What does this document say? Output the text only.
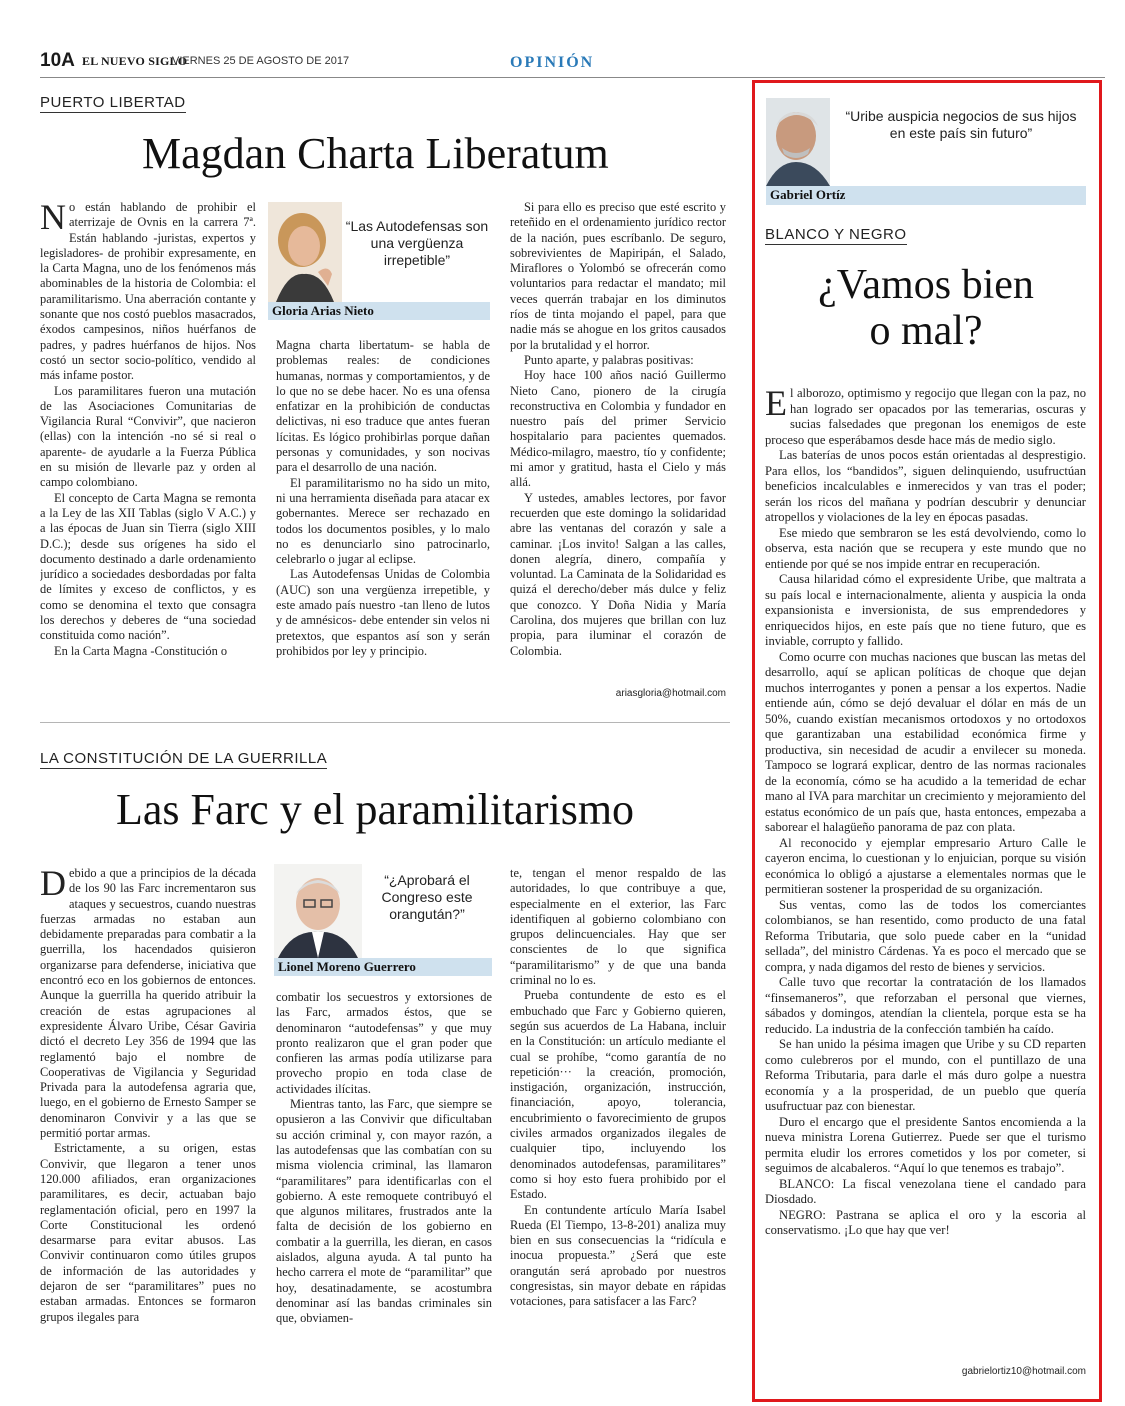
10A EL NUEVO SIGLO
VIERNES 25 DE AGOSTO DE 2017	OPINIÓN
PUERTO LIBERTAD
Magdan Charta Liberatum

No están hablando de prohibir el aterrizaje de Ovnis en la carrera 7ª. Están hablando -juristas, expertos y legisladores- de prohibir expresamente, en la Carta Magna, uno de los fenómenos más abominables de la historia de Colombia: el paramilitarismo. Una aberración contante y sonante que nos costó pueblos masacrados, éxodos campesinos, niños huérfanos de padres, y padres huérfanos de hijos. Nos costó un sector socio-político, vendido al más infame postor.

Los paramilitares fueron una mutación de las Asociaciones Comunitarias de Vigilancia Rural “Convivir”, que nacieron (ellas) con la intención -no sé si real o aparente- de ayudarle a la Fuerza Pública en su misión de llevarle paz y orden al campo colombiano.

El concepto de Carta Magna se remonta a la Ley de las XII Tablas (siglo V A.C.) y a las épocas de Juan sin Tierra (siglo XIII D.C.); desde sus orígenes ha sido el documento destinado a darle ordenamiento jurídico a sociedades desbordadas por falta de límites y exceso de conflictos, y es como se denomina el texto que consagra los derechos y deberes de “una sociedad constituida como nación”.

En la Carta Magna -Constitución o

“Las Autodefensas son una vergüenza irrepetible”
Gloria Arias Nieto

Magna charta libertatum- se habla de problemas reales: de condiciones humanas, normas y comportamientos, y de lo que no se debe hacer. No es una ofensa enfatizar en la prohibición de conductas delictivas, ni eso traduce que antes fueran lícitas. Es lógico prohibirlas porque dañan personas y comunidades, y son nocivas para el desarrollo de una nación.

El paramilitarismo no ha sido un mito, ni una herramienta diseñada para atacar ex gobernantes. Merece ser rechazado en todos los documentos posibles, y lo malo no es denunciarlo sino patrocinarlo, celebrarlo o jugar al eclipse.

Las Autodefensas Unidas de Colombia (AUC) son una vergüenza irrepetible, y este amado país nuestro -tan lleno de lutos y de amnésicos- debe entender sin velos ni pretextos, que espantos así son y serán prohibidos por ley y principio.

Si para ello es preciso que esté escrito y reteñido en el ordenamiento jurídico rector de la nación, pues escríbanlo. De seguro, sobrevivientes de Mapiripán, el Salado, Miraflores o Yolombó se ofrecerán como voluntarios para redactar el mandato; mil veces querrán trabajar en los diminutos ríos de tinta mojando el papel, para que nadie más se ahogue en los gritos causados por la brutalidad y el horror.

Punto aparte, y palabras positivas:

Hoy hace 100 años nació Guillermo Nieto Cano, pionero de la cirugía reconstructiva en Colombia y fundador en nuestro país del primer Servicio hospitalario para pacientes quemados. Médico-milagro, maestro, tío y confidente; mi amor y gratitud, hasta el Cielo y más allá.

Y ustedes, amables lectores, por favor recuerden que este domingo la solidaridad abre las ventanas del corazón y sale a caminar. ¡Los invito! Salgan a las calles, donen alegría, dinero, compañía y voluntad. La Caminata de la Solidaridad es quizá el derecho/deber más dulce y feliz que conozco. Y Doña Nidia y María Carolina, dos mujeres que brillan con luz propia, para iluminar el corazón de Colombia.

ariasgloria@hotmail.com
LA CONSTITUCIÓN DE LA GUERRILLA
Las Farc y el paramilitarismo

Debido a que a principios de la década de los 90 las Farc incrementaron sus ataques y secuestros, cuando nuestras fuerzas armadas no estaban aun debidamente preparadas para combatir a la guerrilla, los hacendados quisieron organizarse para defenderse, iniciativa que encontró eco en los gobiernos de entonces. Aunque la guerrilla ha querido atribuir la creación de estas agrupaciones al expresidente Álvaro Uribe, César Gaviria dictó el decreto Ley 356 de 1994 que las reglamentó bajo el nombre de Cooperativas de Vigilancia y Seguridad Privada para la autodefensa agraria que, luego, en el gobierno de Ernesto Samper se denominaron Convivir y a las que se permitió portar armas.

Estrictamente, a su origen, estas Convivir, que llegaron a tener unos 120.000 afiliados, eran organizaciones paramilitares, es decir, actuaban bajo reglamentación oficial, pero en 1997 la Corte Constitucional les ordenó desarmarse para evitar abusos. Las Convivir continuaron como útiles grupos de información de las autoridades y dejaron de ser “paramilitares” pues no estaban armadas. Entonces se formaron grupos ilegales para

“¿Aprobará el Congreso este orangután?”
Lionel Moreno Guerrero

combatir los secuestros y extorsiones de las Farc, armados éstos, que se denominaron “autodefensas” y que muy pronto realizaron que el gran poder que confieren las armas podía utilizarse para provecho propio en toda clase de actividades ilícitas.

Mientras tanto, las Farc, que siempre se opusieron a las Convivir que dificultaban su acción criminal y, con mayor razón, a las autodefensas que las combatían con su misma violencia criminal, las llamaron “paramilitares” para identificarlas con el gobierno. A este remoquete contribuyó el que algunos militares, frustrados ante la falta de decisión de los gobierno en combatir a la guerrilla, les dieran, en casos aislados, alguna ayuda. A tal punto ha hecho carrera el mote de “paramilitar” que hoy, desatinadamente, se acostumbra denominar así las bandas criminales sin que, obviamen-

te, tengan el menor respaldo de las autoridades, lo que contribuye a que, especialmente en el exterior, las Farc identifiquen al gobierno colombiano con grupos delincuenciales. Hay que ser conscientes de lo que significa “paramilitarismo” y de que una banda criminal no lo es.

Prueba contundente de esto es el embuchado que Farc y Gobierno quieren, según sus acuerdos de La Habana, incluir en la Constitución: un artículo mediante el cual se prohíbe, “como garantía de no repetición··· la creación, promoción, instigación, organización, instrucción, financiación, apoyo, tolerancia, encubrimiento o favorecimiento de grupos civiles armados organizados ilegales de cualquier tipo, incluyendo los denominados autodefensas, paramilitares” como si hoy esto fuera prohibido por el Estado.

En contundente artículo María Isabel Rueda (El Tiempo, 13-8-201) analiza muy bien en sus consecuencias la “ridícula e inocua propuesta.” ¿Será que este orangután será aprobado por nuestros congresistas, sin mayor debate en rápidas votaciones, para satisfacer a las Farc?

“Uribe auspicia negocios de sus hijos en este país sin futuro”
Gabriel Ortíz
BLANCO Y NEGRO
¿Vamos bien
o mal?

El alborozo, optimismo y regocijo que llegan con la paz, no han logrado ser opacados por las temerarias, oscuras y sucias falsedades que pregonan los enemigos de este proceso que esperábamos desde hace más de medio siglo.

Las baterías de unos pocos están orientadas al desprestigio. Para ellos, los “bandidos”, siguen delinquiendo, usufructúan beneficios incalculables e inmerecidos y van tras el poder; serán los ricos del mañana y podrían descubrir y denunciar atropellos y violaciones de la ley en épocas pasadas.

Ese miedo que sembraron se les está devolviendo, como lo observa, esta nación que se recupera y este mundo que no entiende por qué se nos impide entrar en recuperación.

Causa hilaridad cómo el expresidente Uribe, que maltrata a su país local e internacionalmente, alienta y auspicia la onda expansionista e inversionista, de sus emprendedores y enriquecidos hijos, en este país que no tiene futuro, que es inviable, corrupto y fallido.

Como ocurre con muchas naciones que buscan las metas del desarrollo, aquí se aplican políticas de choque que dejan muchos interrogantes y ponen a pensar a los expertos. Nadie entiende aún, cómo se dejó devaluar el dólar en más de un 50%, cuando existían mecanismos ortodoxos y no ortodoxos que garantizaban una estabilidad económica firme y productiva, sin necesidad de acudir a envilecer su moneda. Tampoco se logrará explicar, dentro de las normas racionales de la economía, cómo se ha acudido a la temeridad de echar mano al IVA para marchitar un crecimiento y mejoramiento del estatus económico de un país que, hasta entonces, empezaba a saborear el halagüeño panorama de paz con plata.

Al reconocido y ejemplar empresario Arturo Calle le cayeron encima, lo cuestionan y lo enjuician, porque su visión económica lo obligó a ajustarse a elementales normas que le permitieran sostener la prosperidad de su organización.

Sus ventas, como las de todos los comerciantes colombianos, se han resentido, como producto de una fatal Reforma Tributaria, que solo puede caber en la “unidad sellada”, del ministro Cárdenas. Ya es poco el mercado que se compra, y nada digamos del resto de bienes y servicios.

Calle tuvo que recortar la contratación de los llamados “finsemaneros”, que reforzaban el personal que viernes, sábados y domingos, atendían la clientela, porque esta se ha reducido. La industria de la confección también ha caído.

Se han unido la pésima imagen que Uribe y su CD reparten como culebreros por el mundo, con el puntillazo de una Reforma Tributaria, para darle el más duro golpe a nuestra economía y a la prosperidad, de un pueblo que quería usufructuar paz con bienestar.

Duro el encargo que el presidente Santos encomienda a la nueva ministra Lorena Gutierrez. Puede ser que el turismo permita eludir los errores cometidos y los por cometer, si seguimos de alcabaleros. “Aquí lo que tenemos es trabajo”.

BLANCO: La fiscal venezolana tiene el candado para Diosdado.

NEGRO: Pastrana se aplica el oro y la escoria al conservatismo. ¡Lo que hay que ver!

gabrielortiz10@hotmail.com
